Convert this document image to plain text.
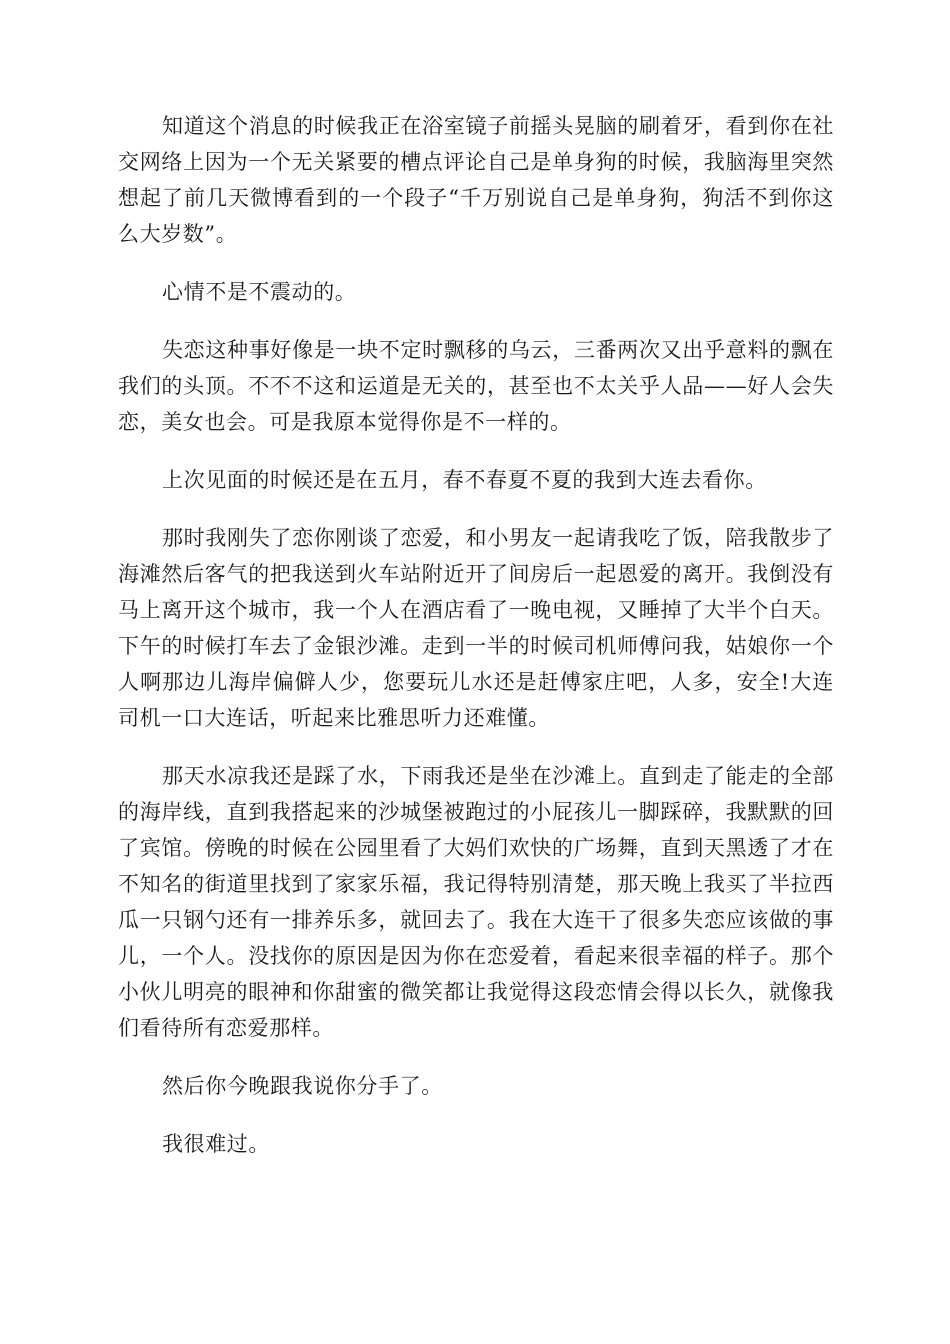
知道这个消息的时候我正在浴室镜子前摇头晃脑的刷着牙，看到你在社交网络上因为一个无关紧要的槽点评论自己是单身狗的时候，我脑海里突然想起了前几天微博看到的一个段子“千万别说自己是单身狗，狗活不到你这么大岁数”。

心情不是不震动的。

失恋这种事好像是一块不定时飘移的乌云，三番两次又出乎意料的飘在我们的头顶。不不不这和运道是无关的，甚至也不太关乎人品——好人会失恋，美女也会。可是我原本觉得你是不一样的。

上次见面的时候还是在五月，春不春夏不夏的我到大连去看你。

那时我刚失了恋你刚谈了恋爱，和小男友一起请我吃了饭，陪我散步了海滩然后客气的把我送到火车站附近开了间房后一起恩爱的离开。我倒没有马上离开这个城市，我一个人在酒店看了一晚电视，又睡掉了大半个白天。下午的时候打车去了金银沙滩。走到一半的时候司机师傅问我，姑娘你一个人啊那边儿海岸偏僻人少，您要玩儿水还是赶傅家庄吧，人多，安全!大连司机一口大连话，听起来比雅思听力还难懂。

那天水凉我还是踩了水，下雨我还是坐在沙滩上。直到走了能走的全部的海岸线，直到我搭起来的沙城堡被跑过的小屁孩儿一脚踩碎，我默默的回了宾馆。傍晚的时候在公园里看了大妈们欢快的广场舞，直到天黑透了才在不知名的街道里找到了家家乐福，我记得特别清楚，那天晚上我买了半拉西瓜一只钢勺还有一排养乐多，就回去了。我在大连干了很多失恋应该做的事儿，一个人。没找你的原因是因为你在恋爱着，看起来很幸福的样子。那个小伙儿明亮的眼神和你甜蜜的微笑都让我觉得这段恋情会得以长久，就像我们看待所有恋爱那样。

然后你今晚跟我说你分手了。

我很难过。
